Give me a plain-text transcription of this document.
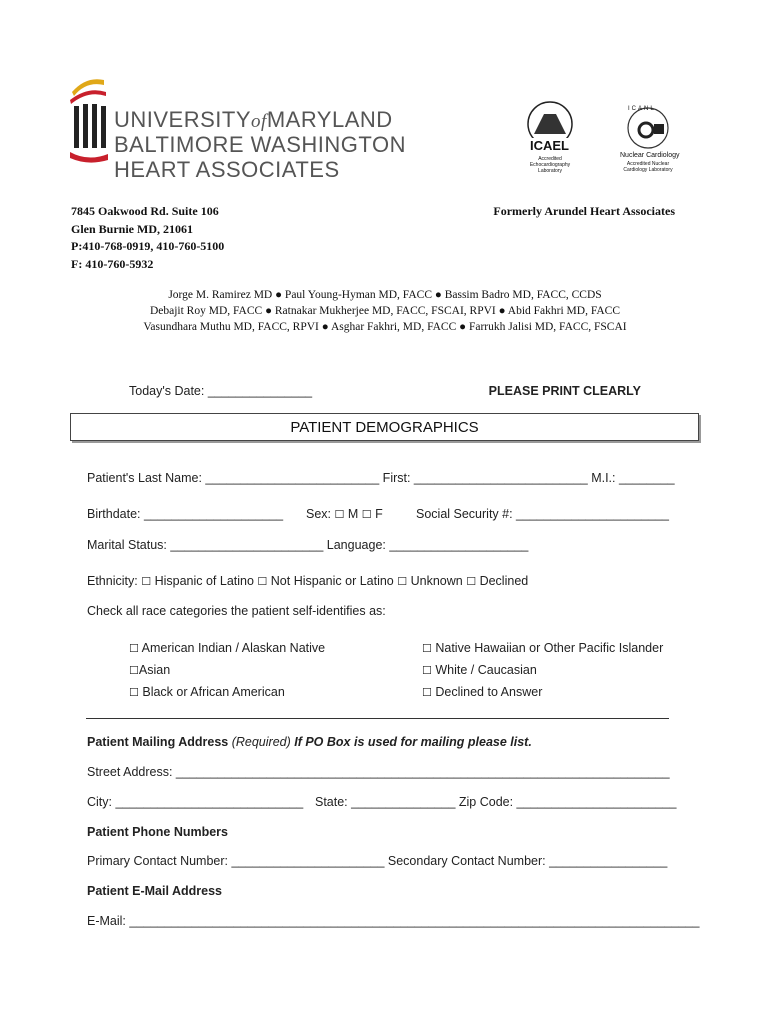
UNIVERSITYofMARYLAND
BALTIMORE WASHINGTON
HEART ASSOCIATES
ICAEL
Accredited Echocardiography Laboratory
ICANL
Nuclear Cardiology
Accredited Nuclear Cardiology Laboratory
7845 Oakwood Rd. Suite 106
Glen Burnie MD, 21061
P:410-768-0919, 410-760-5100
F: 410-760-5932
Formerly Arundel Heart Associates
Jorge M. Ramirez MD ● Paul Young-Hyman MD, FACC ● Bassim Badro MD, FACC, CCDS
Debajit Roy MD, FACC ● Ratnakar Mukherjee MD, FACC, FSCAI, RPVI ● Abid Fakhri MD, FACC
Vasundhara Muthu MD, FACC, RPVI ● Asghar Fakhri, MD, FACC ● Farrukh Jalisi MD, FACC, FSCAI
Today's Date: _______________	PLEASE PRINT CLEARLY
PATIENT DEMOGRAPHICS
Patient's Last Name: _________________________ First: _________________________ M.I.: ________
Birthdate: ____________________ Sex: ☐ M ☐ F	Social Security #: ______________________
Marital Status: ______________________ Language: ____________________
Ethnicity: ☐ Hispanic of Latino ☐ Not Hispanic or Latino ☐ Unknown ☐ Declined
Check all race categories the patient self-identifies as:
☐ American Indian / Alaskan Native
☐Asian
☐ Black or African American
☐ Native Hawaiian or Other Pacific Islander
☐ White / Caucasian
☐ Declined to Answer
Patient Mailing Address (Required) If PO Box is used for mailing please list.
Street Address: _______________________________________________________________________
City: ___________________________ State: _______________ Zip Code: _______________________
Patient Phone Numbers
Primary Contact Number: ______________________ Secondary Contact Number: _________________
Patient E-Mail Address
E-Mail: __________________________________________________________________________________
